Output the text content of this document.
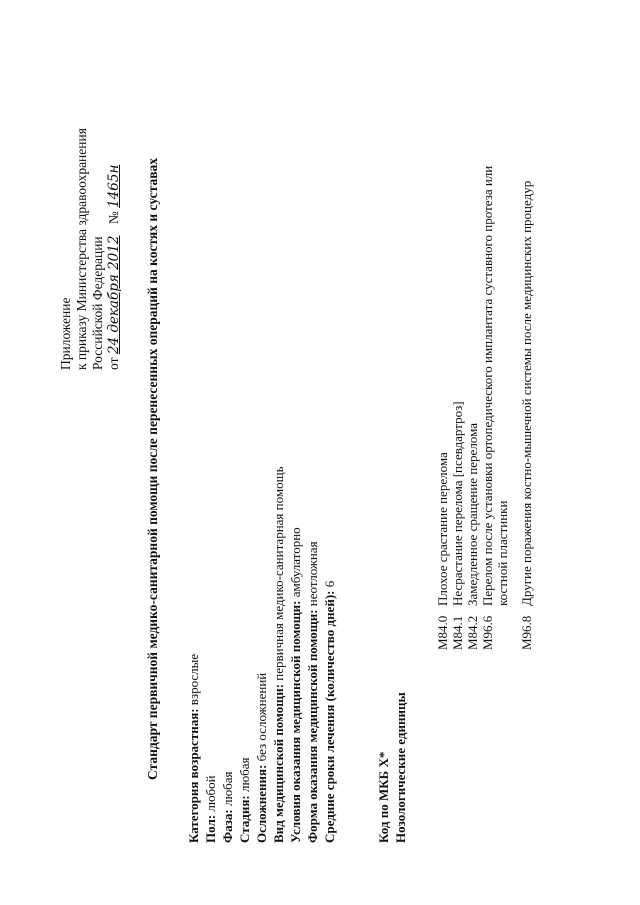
Приложение к приказу Министерства здравоохранения Российской Федерации от 24 декабря 2012 № 1465н Стандарт первичной медико-санитарной помощи после перенесенных операций на костях и суставах Категория возрастная: взрослые
Пол: любой
Фаза: любая
Стадия: любая Осложнения: без осложнений Вид медицинской помощи: первичная медико-санитарная помощь
Условия оказания медицинской помощи: амбулаторно
Форма оказания медицинской помощи: неотложная
Средние сроки лечения (количество дней): 6
Код по МКБ X* Нозологические единицы
M84.0
Плохое срастание перелома
M84.1
Несрастание перелома [псевдартроз]
M84.2
Замедленное сращение перелома
M96.6
Перелом после установки ортопедического имплантата суставного протеза или костной пластинки
M96.8
Другие поражения костно-мышечной системы после медицинских процедур
